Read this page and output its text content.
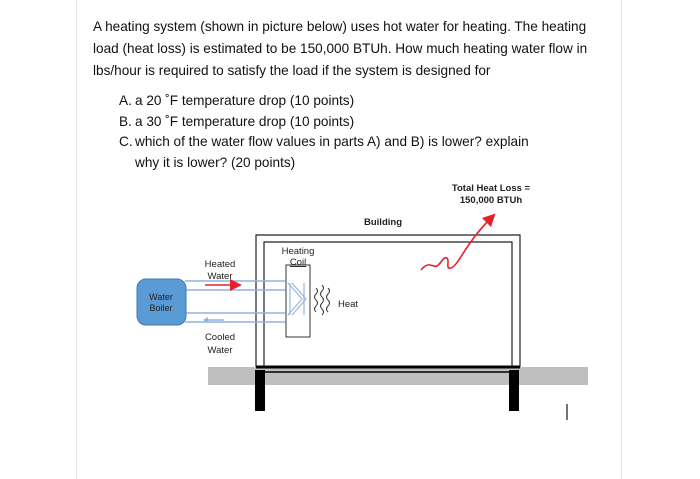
A heating system (shown in picture below) uses hot water for heating. The heating
load (heat loss) is estimated to be 150,000 BTUh. How much heating water flow in
lbs/hour is required to satisfy the load if the system is designed for
A. a 20 ˚F temperature drop (10 points)
B. a 30 ˚F temperature drop (10 points)
C. which of the water flow values in parts A) and B) is lower? explain why it is lower? (20 points)
Total Heat Loss =
150,000 BTUh
Building
Heating
Coil
Heated
Water
Water
Boiler
Cooled
Water
Heat
